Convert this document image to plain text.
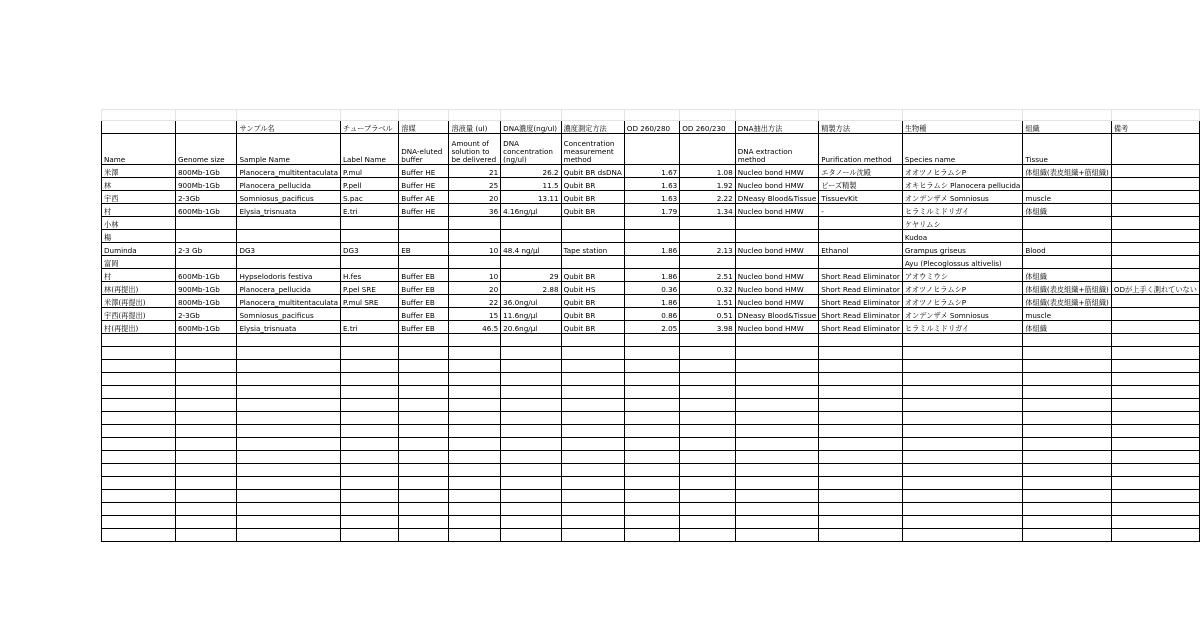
		サンプル名	チューブラベル	溶媒	溶液量 (ul)	DNA濃度(ng/ul)	濃度測定方法	OD 260/280	OD 260/230	DNA抽出方法	精製方法	生物種	組織	備考
Name	Genome size	Sample Name	Label Name	DNA-eluted buffer	Amount of solution to be delivered	DNA concentration (ng/ul)	Concentration measurement method			DNA extraction method	Purification method	Species name	Tissue	
米澤	800Mb-1Gb	Planocera_multitentaculata	P.mul	Buffer HE	21	26.2	Qubit BR dsDNA	1.67	1.08	Nucleo bond HMW	エタノール沈殿	オオツノヒラムシP	体組織(表皮組織+筋組織)	
林	900Mb-1Gb	Planocera_pellucida	P.pell	Buffer HE	25	11.5	Qubit BR	1.63	1.92	Nucleo bond HMW	ビーズ精製	オキヒラムシ Planocera pellucida		
宇西	2-3Gb	Somniosus_pacificus	S.pac	Buffer AE	20	13.11	Qubit BR	1.63	2.22	DNeasy Blood&Tissue	TissuevKit	オンデンザメ Somniosus	muscle	
村	600Mb-1Gb	Elysia_trisnuata	E.tri	Buffer HE	36	4.16ng/µl	Qubit BR	1.79	1.34	Nucleo bond HMW	-	ヒラミルミドリガイ	体組織	
小林												ケヤリムシ		
楊												Kudoa		
Duminda	2-3 Gb	DG3	DG3	EB	10	48.4 ng/µl	Tape station	1.86	2.13	Nucleo bond HMW	Ethanol	Grampus griseus	Blood	
富岡												Ayu (Plecoglossus altivelis)		
村	600Mb-1Gb	Hypselodoris festiva	H.fes	Buffer EB	10	29	Qubit BR	1.86	2.51	Nucleo bond HMW	Short Read Eliminator	アオウミウシ	体組織	
林(再提出)	900Mb-1Gb	Planocera_pellucida	P.pel SRE	Buffer EB	20	2.88	Qubit HS	0.36	0.32	Nucleo bond HMW	Short Read Eliminator	オオツノヒラムシP	体組織(表皮組織+筋組織)	ODが上手く測れていない
米澤(再提出)	800Mb-1Gb	Planocera_multitentaculata	P.mul SRE	Buffer EB	22	36.0ng/ul	Qubit BR	1.86	1.51	Nucleo bond HMW	Short Read Eliminator	オオツノヒラムシP	体組織(表皮組織+筋組織)	
宇西(再提出)	2-3Gb	Somniosus_pacificus		Buffer EB	15	11.6ng/µl	Qubit BR	0.86	0.51	DNeasy Blood&Tissue	Short Read Eliminator	オンデンザメ Somniosus	muscle	
村(再提出)	600Mb-1Gb	Elysia_trisnuata	E.tri	Buffer EB	46.5	20.6ng/µl	Qubit BR	2.05	3.98	Nucleo bond HMW	Short Read Eliminator	ヒラミルミドリガイ	体組織	
